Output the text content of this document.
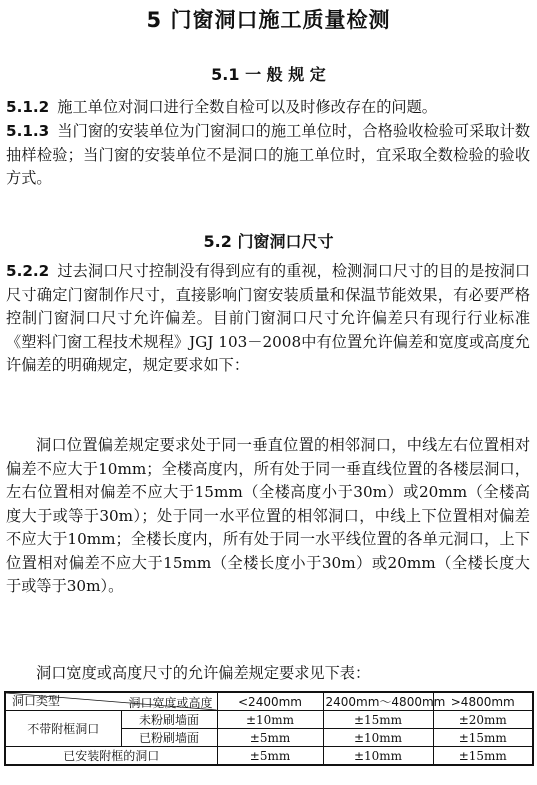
5 门窗洞口施工质量检测
5.1 一 般 规 定

5.1.2 施工单位对洞口进行全数自检可以及时修改存在的问题。

5.1.3 当门窗的安装单位为门窗洞口的施工单位时，合格验收检验可采取计数抽样检验；当门窗的安装单位不是洞口的施工单位时，宜采取全数检验的验收方式。

5.2 门窗洞口尺寸

5.2.2 过去洞口尺寸控制没有得到应有的重视，检测洞口尺寸的目的是按洞口尺寸确定门窗制作尺寸，直接影响门窗安装质量和保温节能效果，有必要严格控制门窗洞口尺寸允许偏差。目前门窗洞口尺寸允许偏差只有现行行业标准《塑料门窗工程技术规程》JGJ 103－2008中有位置允许偏差和宽度或高度允许偏差的明确规定，规定要求如下：

洞口位置偏差规定要求处于同一垂直位置的相邻洞口，中线左右位置相对偏差不应大于10mm；全楼高度内，所有处于同一垂直线位置的各楼层洞口，左右位置相对偏差不应大于15mm（全楼高度小于30m）或20mm（全楼高度大于或等于30m）；处于同一水平位置的相邻洞口，中线上下位置相对偏差不应大于10mm；全楼长度内，所有处于同一水平线位置的各单元洞口，上下位置相对偏差不应大于15mm（全楼长度小于30m）或20mm（全楼长度大于或等于30m）。

洞口宽度或高度尺寸的允许偏差规定要求见下表：

洞口宽度或高度
洞口类型		<2400mm	2400mm～4800mm	>4800mm
不带附框洞口	未粉刷墙面	±10mm	±15mm	±20mm
	已粉刷墙面	±5mm	±10mm	±15mm
已安装附框的洞口		±5mm	±10mm	±15mm
